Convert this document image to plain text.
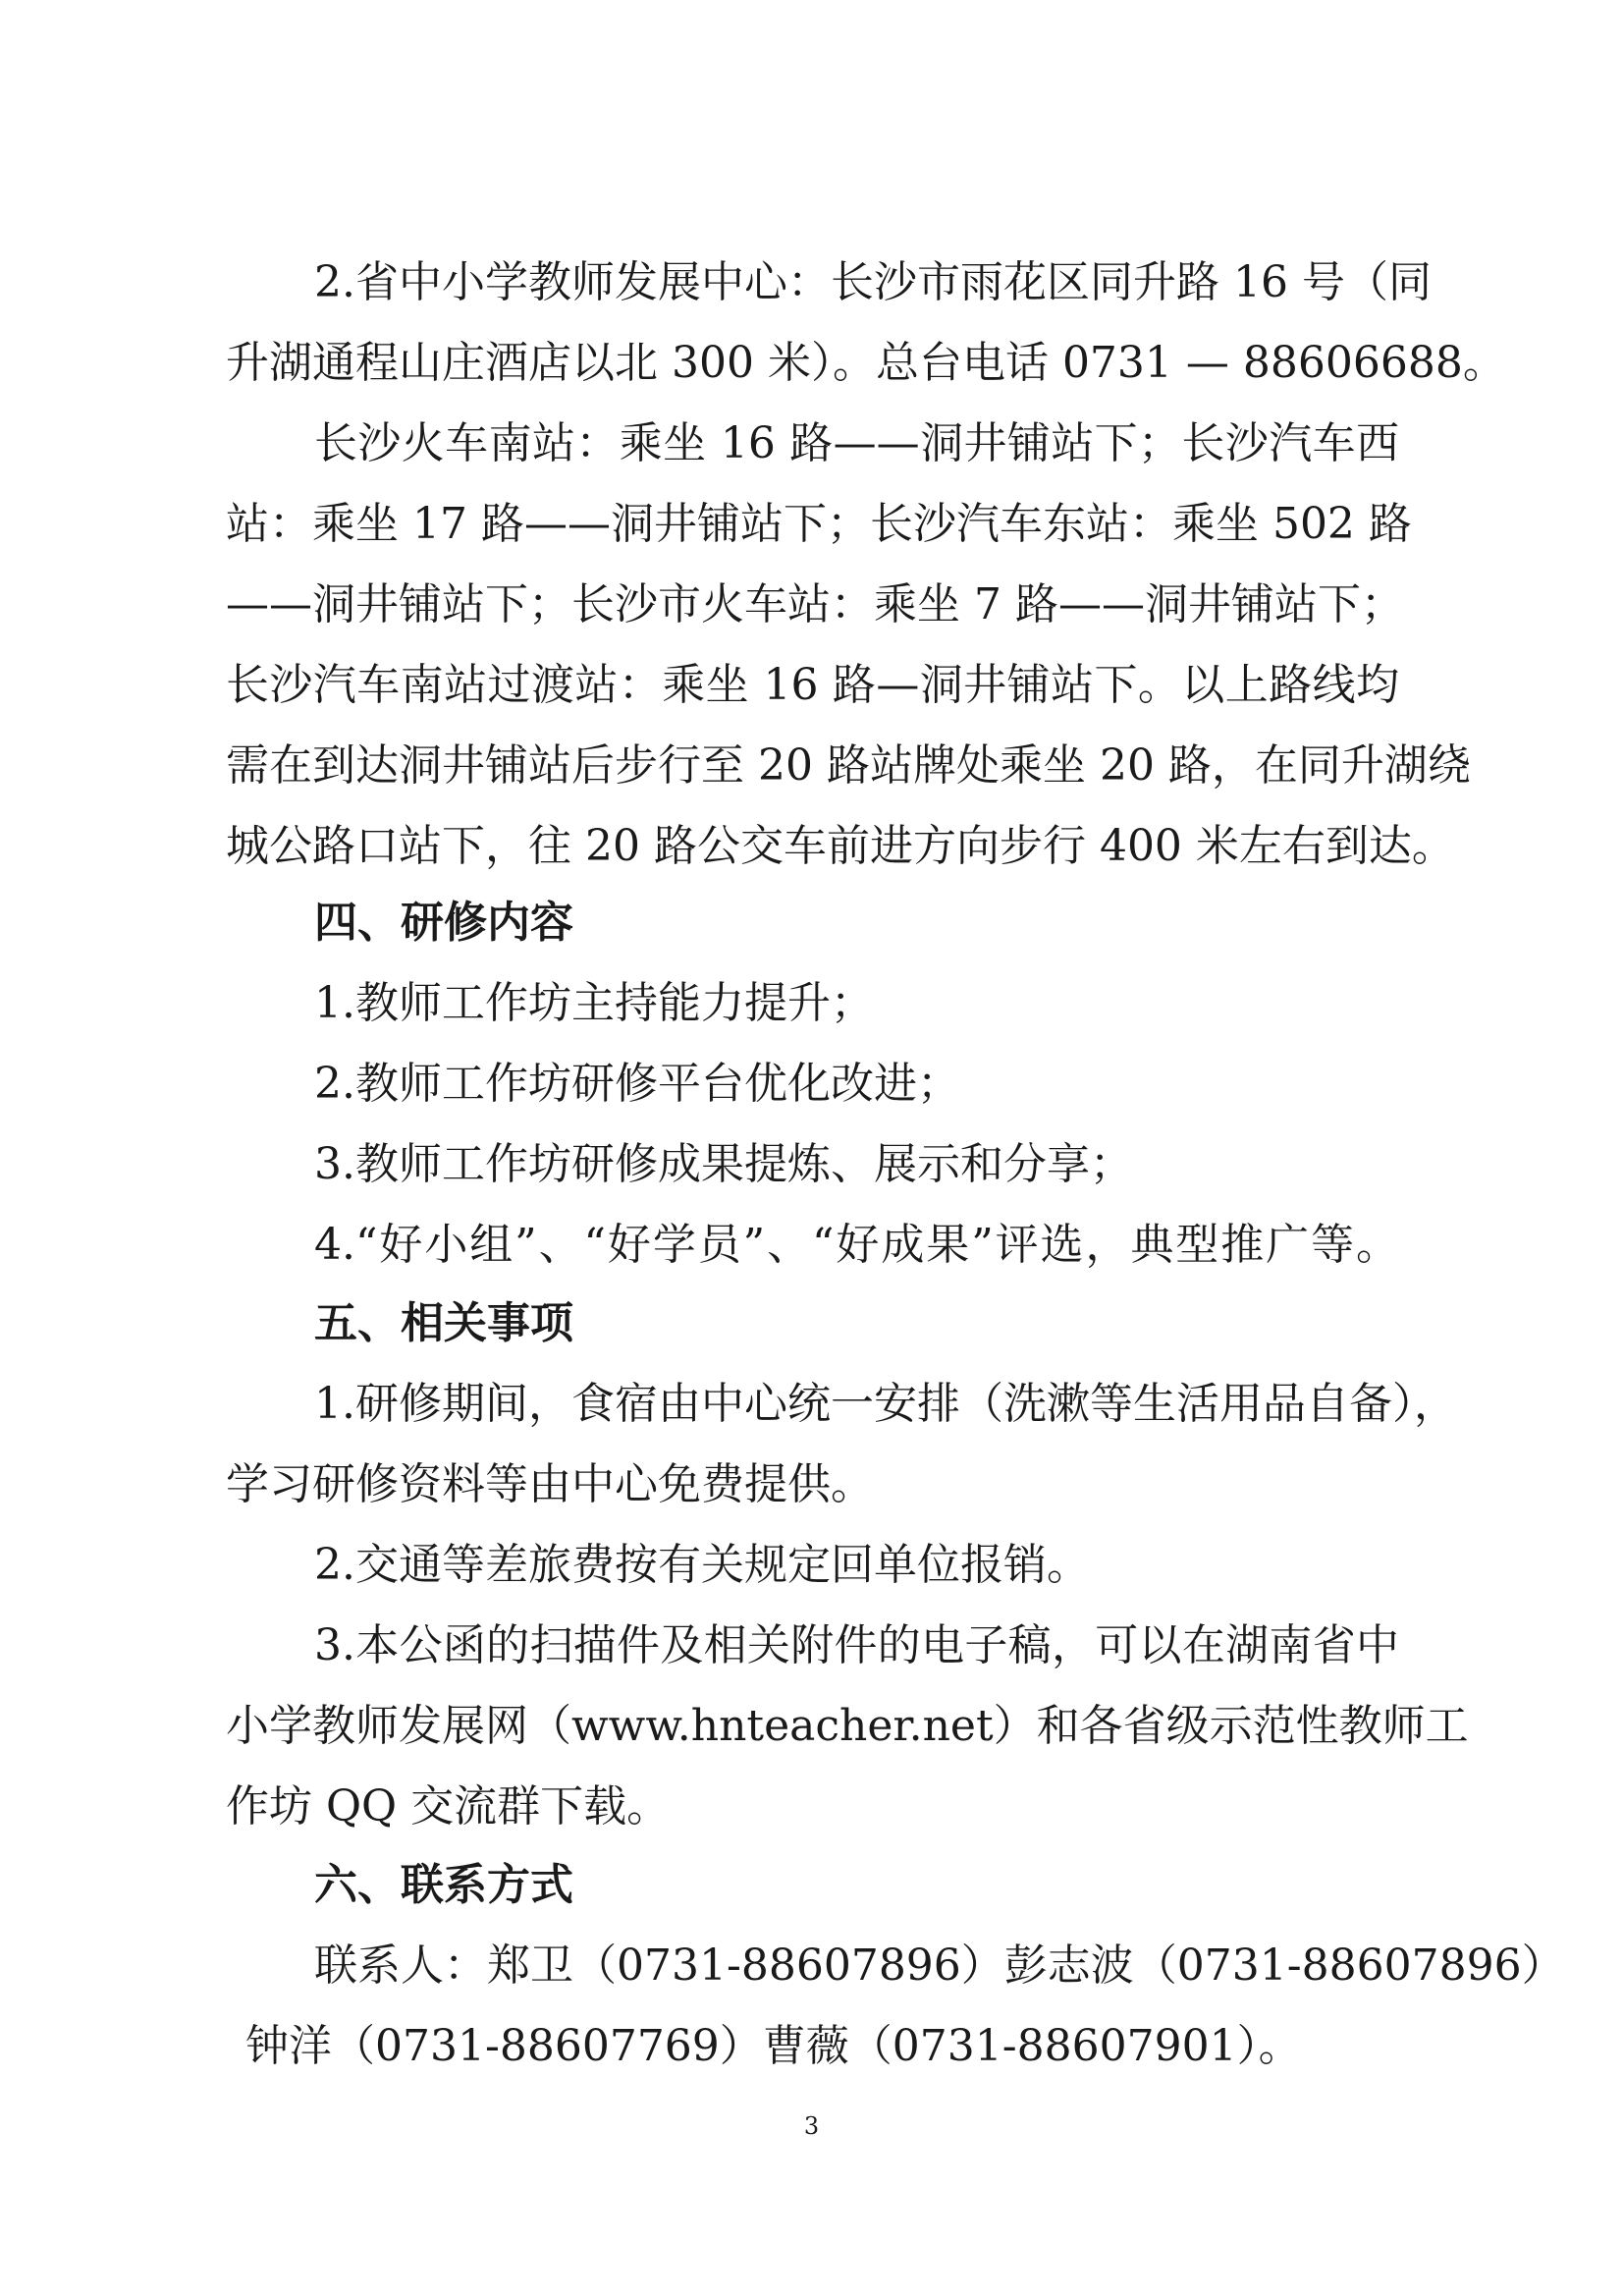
2.省中小学教师发展中心：长沙市雨花区同升路 16 号（同
升湖通程山庄酒店以北 300 米）。总台电话 0731 — 88606688。
长沙火车南站：乘坐 16 路——洞井铺站下；长沙汽车西
站：乘坐 17 路——洞井铺站下；长沙汽车东站：乘坐 502 路
——洞井铺站下；长沙市火车站：乘坐 7 路——洞井铺站下；
长沙汽车南站过渡站：乘坐 16 路—洞井铺站下。以上路线均
需在到达洞井铺站后步行至 20 路站牌处乘坐 20 路，在同升湖绕
城公路口站下，往 20 路公交车前进方向步行 400 米左右到达。
四、研修内容
1.教师工作坊主持能力提升；
2.教师工作坊研修平台优化改进；
3.教师工作坊研修成果提炼、展示和分享；
4.“好小组”、“好学员”、“好成果”评选，典型推广等。
五、相关事项
1.研修期间，食宿由中心统一安排（洗漱等生活用品自备），
学习研修资料等由中心免费提供。
2.交通等差旅费按有关规定回单位报销。
3.本公函的扫描件及相关附件的电子稿，可以在湖南省中
小学教师发展网（www.hnteacher.net）和各省级示范性教师工
作坊 QQ 交流群下载。
六、联系方式
联系人：郑卫（0731-88607896）彭志波（0731-88607896）
钟洋（0731-88607769）曹薇（0731-88607901）。
3
